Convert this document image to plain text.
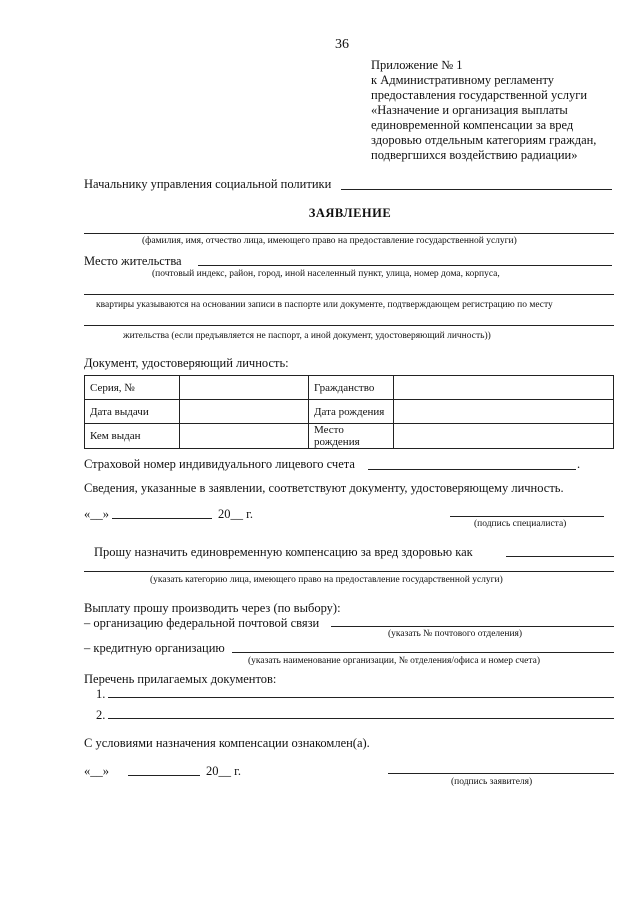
36
Приложение № 1
к Административному регламенту
предоставления государственной услуги
«Назначение и организация выплаты
единовременной компенсации за вред
здоровью отдельным категориям граждан,
подвергшихся воздействию радиации»
Начальнику управления социальной политики
ЗАЯВЛЕНИЕ
(фамилия, имя, отчество лица, имеющего право на предоставление государственной услуги)
Место жительства
(почтовый индекс, район, город, иной населенный пункт, улица, номер дома, корпуса,
квартиры указываются на основании записи в паспорте или документе, подтверждающем регистрацию по месту
жительства (если предъявляется не паспорт, а иной документ, удостоверяющий личность))
Документ, удостоверяющий личность:
Серия, №		Гражданство	
Дата выдачи		Дата рождения	
Кем выдан		Место рождения	
Страховой номер индивидуального лицевого счета	.
Сведения, указанные в заявлении, соответствуют документу, удостоверяющему личность.
«__»	20__ г.
(подпись специалиста)
Прошу назначить единовременную компенсацию за вред здоровью как
(указать категорию лица, имеющего право на предоставление государственной услуги)
Выплату прошу производить через (по выбору):
– организацию федеральной почтовой связи
(указать № почтового отделения)
– кредитную организацию
(указать наименование организации, № отделения/офиса и номер счета)
Перечень прилагаемых документов:
1.
2.
С условиями назначения компенсации ознакомлен(а).
«__»	20__ г.
(подпись заявителя)
